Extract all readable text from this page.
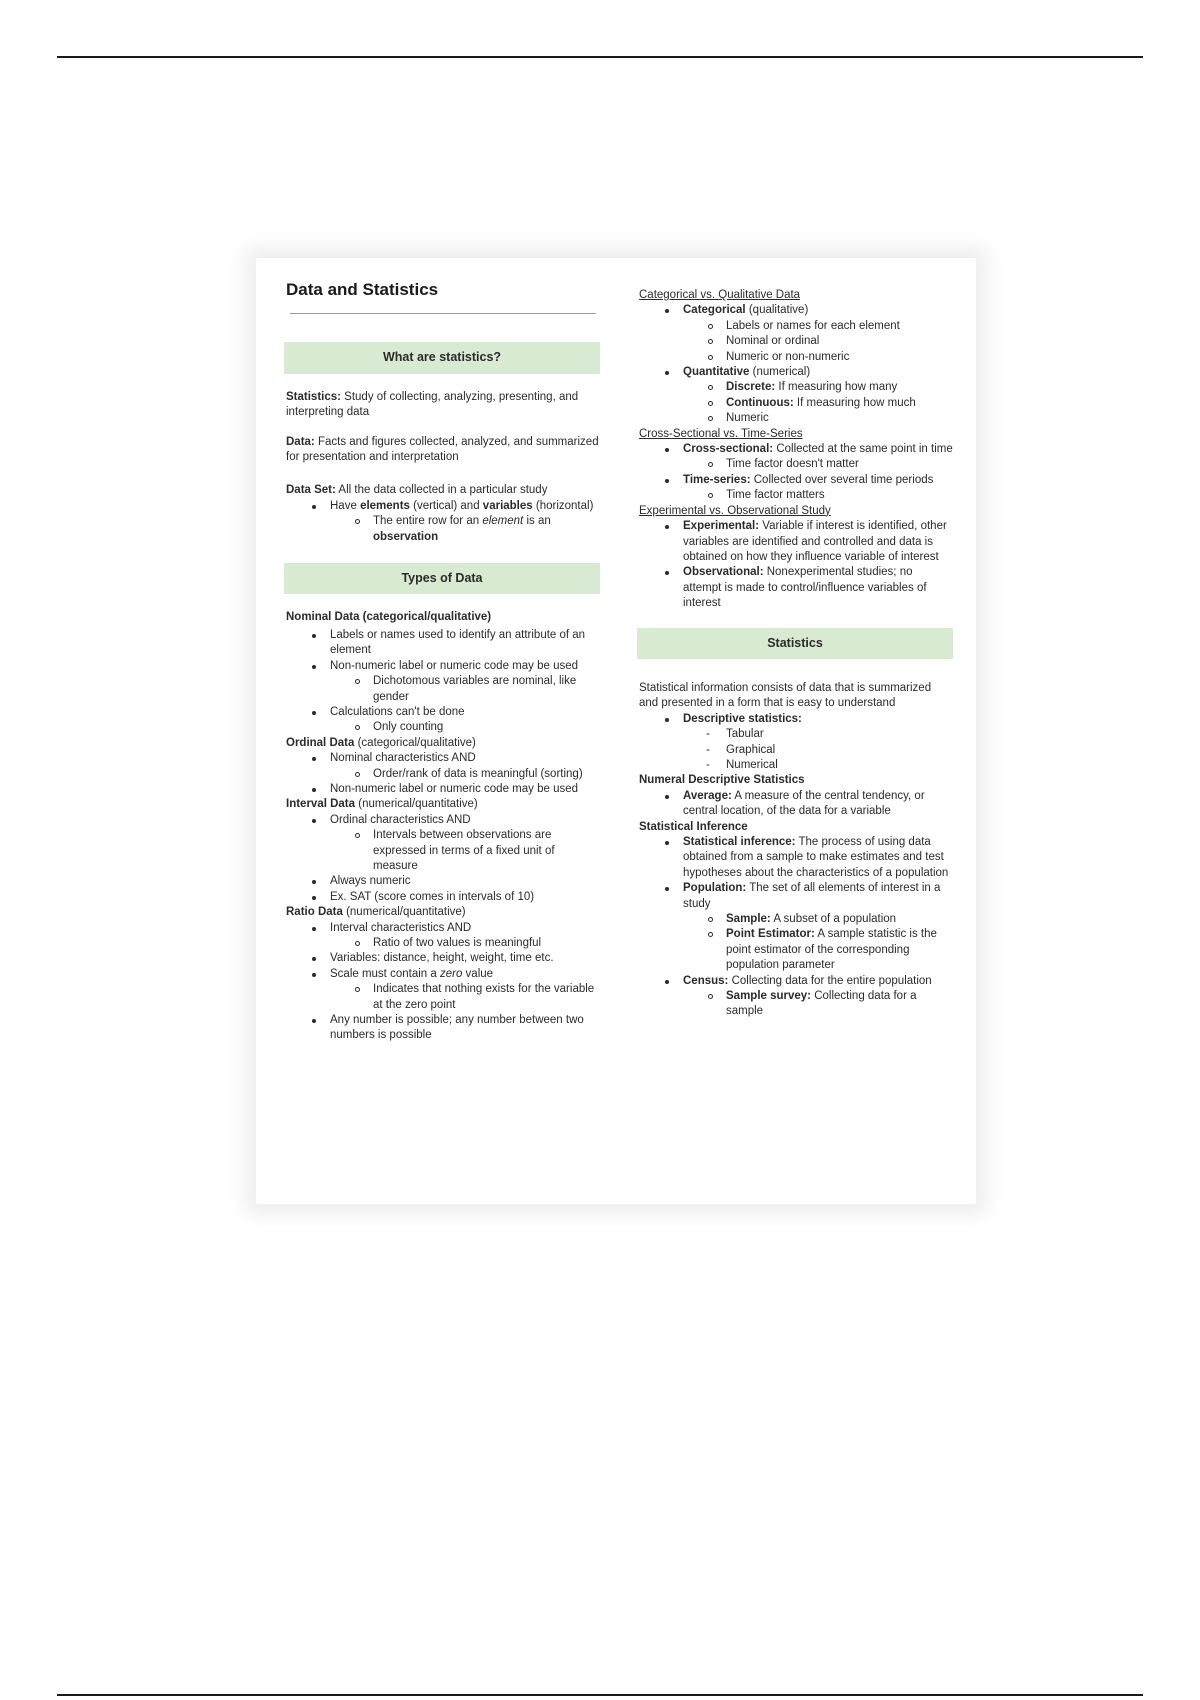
Data and Statistics
What are statistics?
Statistics: Study of collecting, analyzing, presenting, and interpreting data
Data: Facts and figures collected, analyzed, and summarized for presentation and interpretation
Data Set: All the data collected in a particular study
Have elements (vertical) and variables (horizontal)
The entire row for an element is an observation
Types of Data
Nominal Data (categorical/qualitative)
Labels or names used to identify an attribute of an element
Non-numeric label or numeric code may be used
Dichotomous variables are nominal, like gender
Calculations can't be done
Only counting
Ordinal Data (categorical/qualitative)
Nominal characteristics AND
Order/rank of data is meaningful (sorting)
Non-numeric label or numeric code may be used
Interval Data (numerical/quantitative)
Ordinal characteristics AND
Intervals between observations are expressed in terms of a fixed unit of measure
Always numeric
Ex. SAT (score comes in intervals of 10)
Ratio Data (numerical/quantitative)
Interval characteristics AND
Ratio of two values is meaningful
Variables: distance, height, weight, time etc.
Scale must contain a zero value
Indicates that nothing exists for the variable at the zero point
Any number is possible; any number between two numbers is possible
Categorical vs. Qualitative Data
Categorical (qualitative)
Labels or names for each element
Nominal or ordinal
Numeric or non-numeric
Quantitative (numerical)
Discrete: If measuring how many
Continuous: If measuring how much
Numeric
Cross-Sectional vs. Time-Series
Cross-sectional: Collected at the same point in time
Time factor doesn't matter
Time-series: Collected over several time periods
Time factor matters
Experimental vs. Observational Study
Experimental: Variable if interest is identified, other variables are identified and controlled and data is obtained on how they influence variable of interest
Observational: Nonexperimental studies; no attempt is made to control/influence variables of interest
Statistics
Statistical information consists of data that is summarized and presented in a form that is easy to understand
Descriptive statistics:
- Tabular
- Graphical
- Numerical
Numeral Descriptive Statistics
Average: A measure of the central tendency, or central location, of the data for a variable
Statistical Inference
Statistical inference: The process of using data obtained from a sample to make estimates and test hypotheses about the characteristics of a population
Population: The set of all elements of interest in a study
Sample: A subset of a population
Point Estimator: A sample statistic is the point estimator of the corresponding population parameter
Census: Collecting data for the entire population
Sample survey: Collecting data for a sample
